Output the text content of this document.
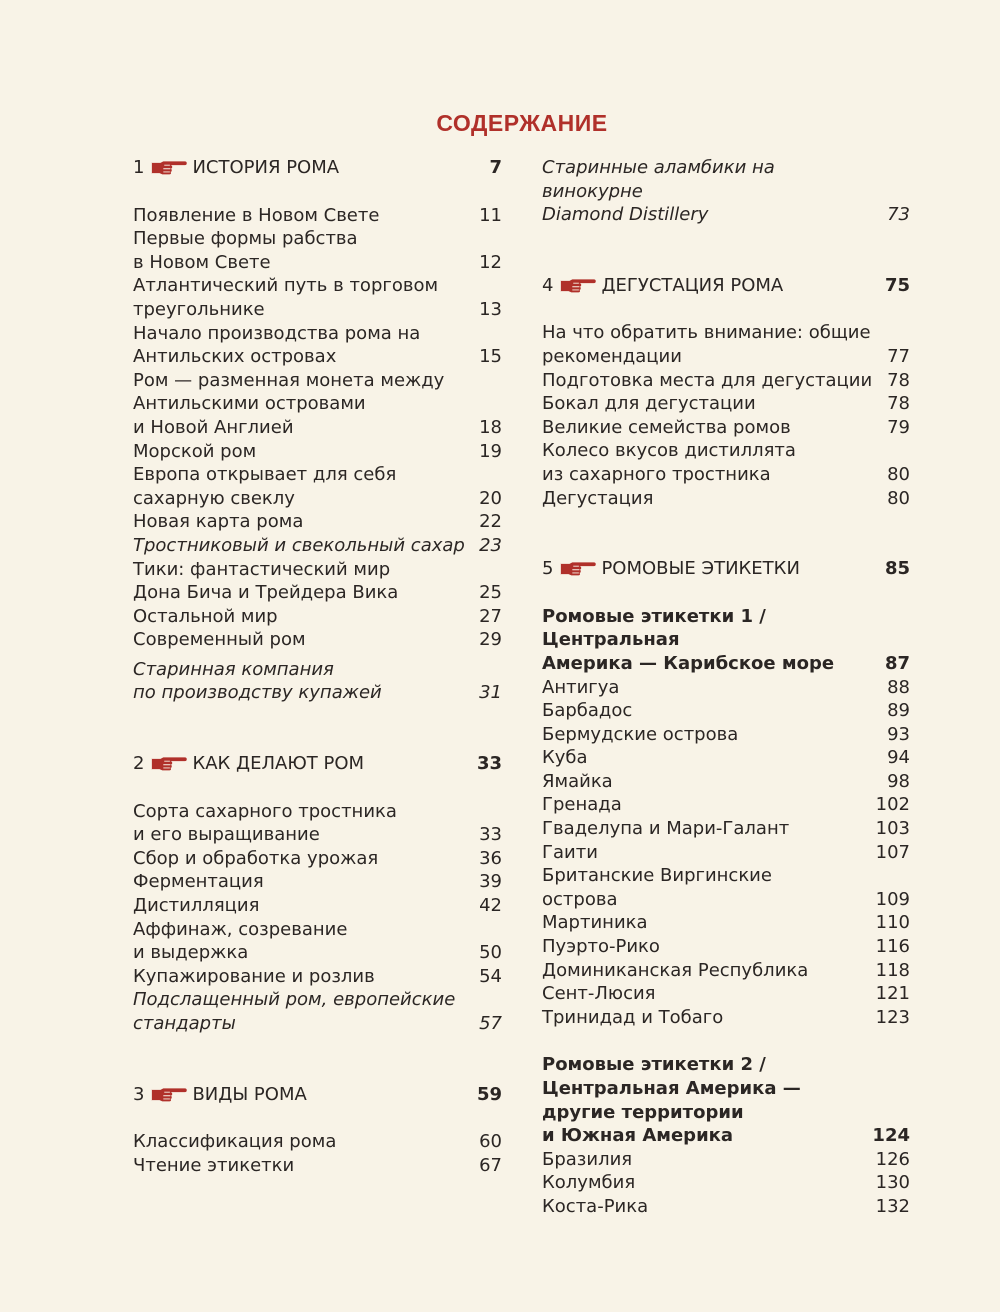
СОДЕРЖАНИЕ
1	ИСТОРИЯ РОМА	7
Появление в Новом Свете	11
Первые формы рабства
в Новом Свете	12
Атлантический путь в торговом
треугольнике	13
Начало производства рома на
Антильских островах	15
Ром — разменная монета между
Антильскими островами
и Новой Англией	18
Морской ром	19
Европа открывает для себя
сахарную свеклу	20
Новая карта рома	22
Тростниковый и свекольный сахар 23
Тики: фантастический мир
Дона Бича и Трейдера Вика	25
Остальной мир	27
Современный ром	29
Старинная компания
по производству купажей	31
2	КАК ДЕЛАЮТ РОМ	33
Сорта сахарного тростника
и его выращивание	33
Сбор и обработка урожая	36
Ферментация	39
Дистилляция	42
Аффинаж, созревание
и выдержка	50
Купажирование и розлив	54
Подслащенный ром, европейские
стандарты	57
3	ВИДЫ РОМА	59
Классификация рома	60
Чтение этикетки	67
Старинные аламбики на винокурне
Diamond Distillery	73
4	ДЕГУСТАЦИЯ РОМА	75
На что обратить внимание: общие
рекомендации	77
Подготовка места для дегустации 78
Бокал для дегустации	78
Великие семейства ромов	79
Колесо вкусов дистиллята
из сахарного тростника	80
Дегустация	80
5	РОМОВЫЕ ЭТИКЕТКИ	85
Ромовые этикетки 1 / Центральная
Америка — Карибское море	87
Антигуа	88
Барбадос	89
Бермудские острова	93
Куба	94
Ямайка	98
Гренада	102
Гваделупа и Мари-Галант	103
Гаити	107
Британские Виргинские
острова	109
Мартиника	110
Пуэрто-Рико	116
Доминиканская Республика	118
Сент-Люсия	121
Тринидад и Тобаго	123
Ромовые этикетки 2 /
Центральная Америка —
другие территории
и Южная Америка	124
Бразилия	126
Колумбия	130
Коста-Рика	132
